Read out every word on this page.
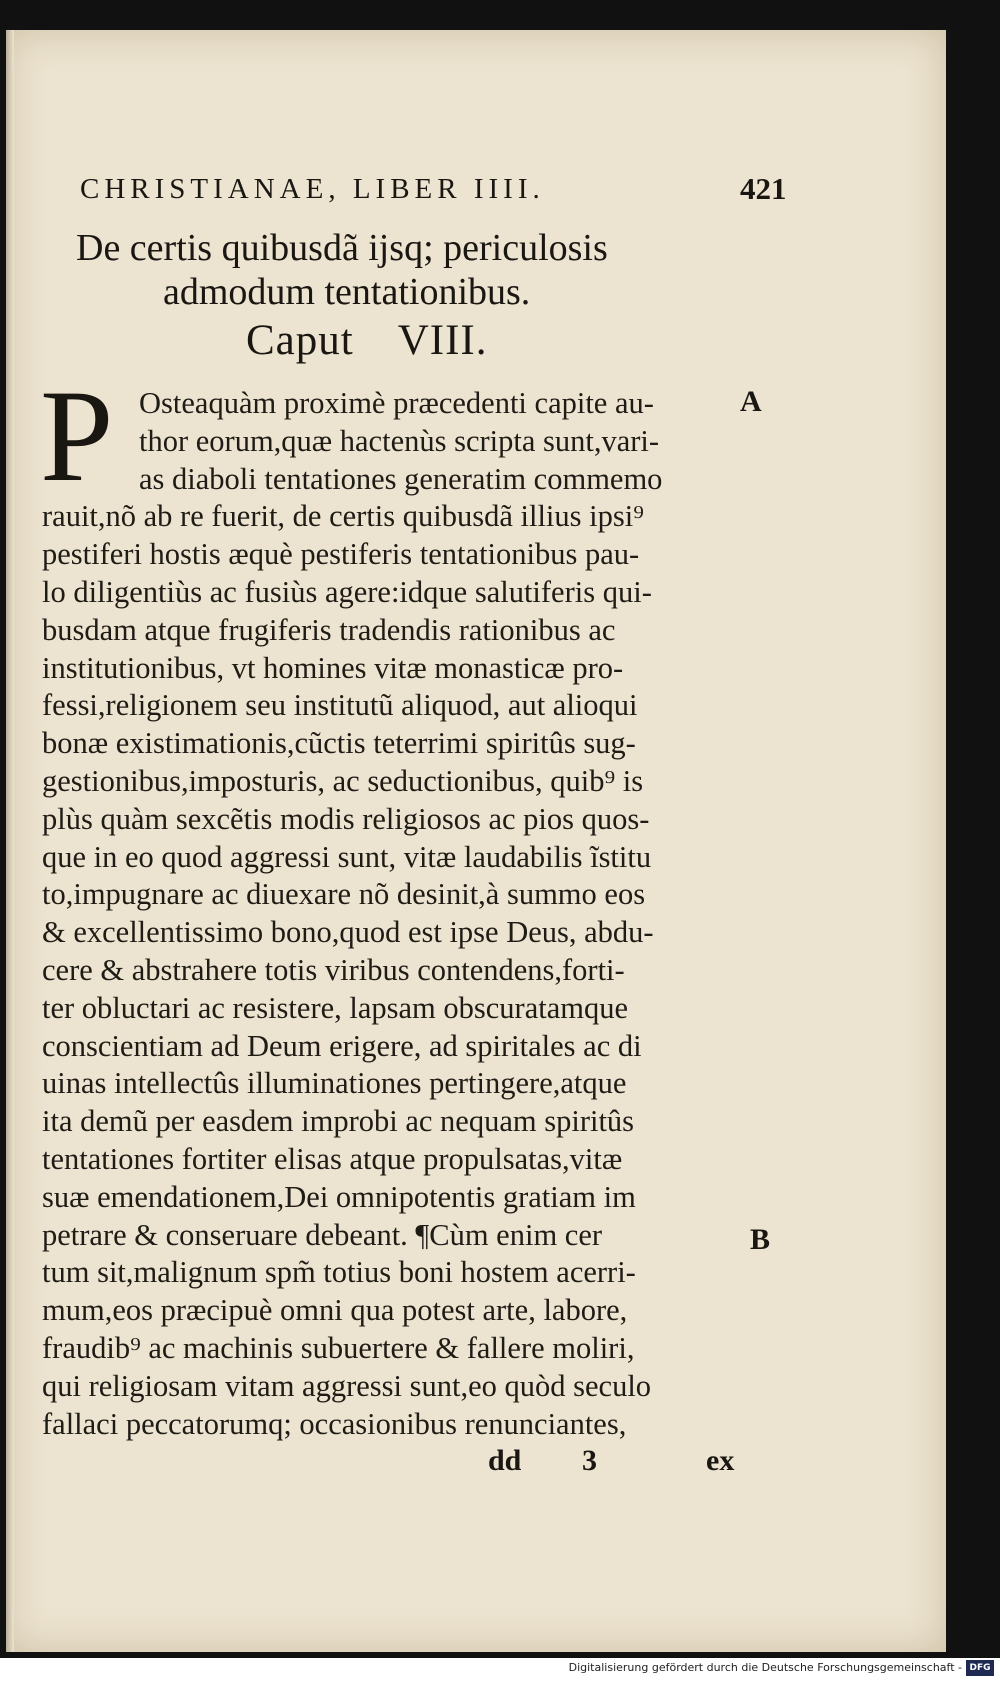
CHRISTIANAE, LIBER IIII.	421
De certis quibusdã ĳsq; periculosis
admodum tentationibus.
Caput VIII.
P Osteaquàm proximè præcedenti capite au-
thor eorum,quæ hactenùs scripta sunt,vari-
as diaboli tentationes generatim commemo
rauit,nõ ab re fuerit, de certis quibusdã illius ipsi⁹
pestiferi hostis æquè pestiferis tentationibus pau-
lo diligentiùs ac fusiùs agere:idque salutiferis qui-
busdam atque frugiferis tradendis rationibus ac
institutionibus, vt homines vitæ monasticæ pro-
fessi,religionem seu institutũ aliquod, aut alioqui
bonæ existimationis,cũctis teterrimi spiritûs sug-
gestionibus,imposturis, ac seductionibus, quib⁹ is
plùs quàm sexcẽtis modis religiosos ac pios quos-
que in eo quod aggressi sunt, vitæ laudabilis ĩstitu
to,impugnare ac diuexare nõ desinit,à summo eos
& excellentissimo bono,quod est ipse Deus, abdu-
cere & abstrahere totis viribus contendens,forti-
ter obluctari ac resistere, lapsam obscuratamque
conscientiam ad Deum erigere, ad spiritales ac di
uinas intellectûs illuminationes pertingere,atque
ita demũ per easdem improbi ac nequam spiritûs
tentationes fortiter elisas atque propulsatas,vitæ
suæ emendationem,Dei omnipotentis gratiam im
petrare & conseruare debeant. ¶Cùm enim cer
tum sit,malignum spm̃ totius boni hostem acerri-
mum,eos præcipuè omni qua potest arte, labore,
fraudib⁹ ac machinis subuertere & fallere moliri,
qui religiosam vitam aggressi sunt,eo quòd seculo
fallaci peccatorumq; occasionibus renunciantes,
A
B
dd 3	ex
Digitalisierung gefördert durch die Deutsche Forschungsgemeinschaft - DFG
